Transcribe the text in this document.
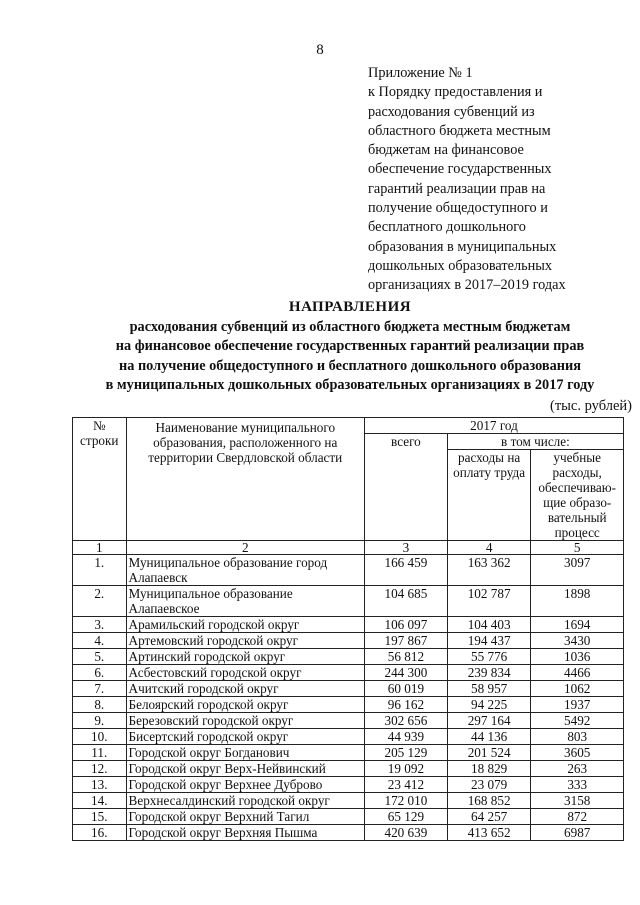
8
Приложение № 1
к Порядку предоставления и
расходования субвенций из
областного бюджета местным
бюджетам на финансовое
обеспечение государственных
гарантий реализации прав на
получение общедоступного и
бесплатного дошкольного
образования в муниципальных
дошкольных образовательных
организациях в 2017–2019 годах
НАПРАВЛЕНИЯ
расходования субвенций из областного бюджета местным бюджетам
на финансовое обеспечение государственных гарантий реализации прав
на получение общедоступного и бесплатного дошкольного образования
в муниципальных дошкольных образовательных организациях в 2017 году
(тыс. рублей)
№ строки	Наименование муниципального образования, расположенного на территории Свердловской области	2017 год		
		всего	в том числе:	
			расходы на оплату труда	учебные расходы, обеспечиваю-щие образо-вательный процесс
1	2	3	4	5
1.	Муниципальное образование город Алапаевск	166 459	163 362	3097
2.	Муниципальное образование Алапаевское	104 685	102 787	1898
3.	Арамильский городской округ	106 097	104 403	1694
4.	Артемовский городской округ	197 867	194 437	3430
5.	Артинский городской округ	56 812	55 776	1036
6.	Асбестовский городской округ	244 300	239 834	4466
7.	Ачитский городской округ	60 019	58 957	1062
8.	Белоярский городской округ	96 162	94 225	1937
9.	Березовский городской округ	302 656	297 164	5492
10.	Бисертский городской округ	44 939	44 136	803
11.	Городской округ Богданович	205 129	201 524	3605
12.	Городской округ Верх-Нейвинский	19 092	18 829	263
13.	Городской округ Верхнее Дуброво	23 412	23 079	333
14.	Верхнесалдинский городской округ	172 010	168 852	3158
15.	Городской округ Верхний Тагил	65 129	64 257	872
16.	Городской округ Верхняя Пышма	420 639	413 652	6987
